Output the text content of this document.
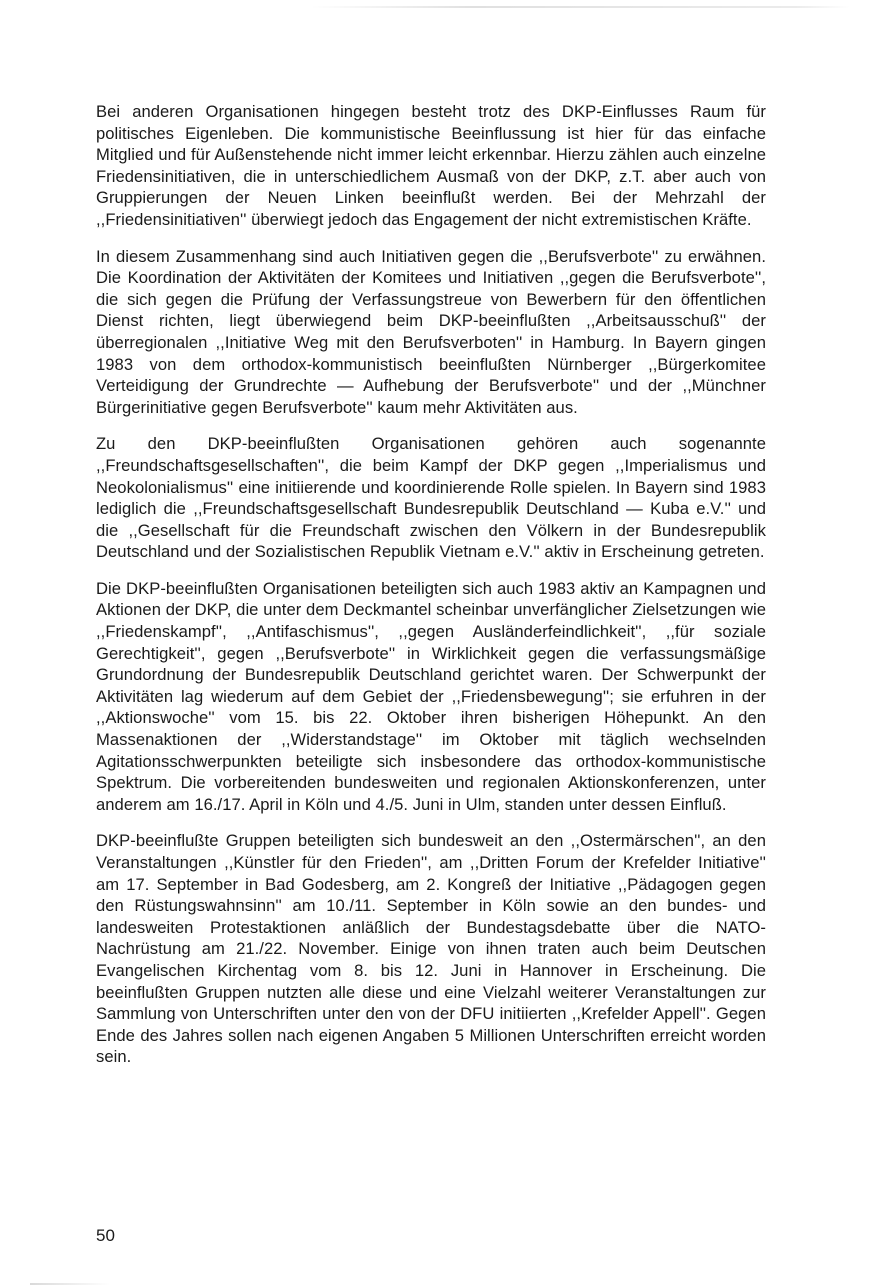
Bei anderen Organisationen hingegen besteht trotz des DKP-Einflusses Raum für politisches Eigenleben. Die kommunistische Beeinflussung ist hier für das einfache Mitglied und für Außenstehende nicht immer leicht erkennbar. Hierzu zählen auch einzelne Friedensinitiativen, die in unterschiedlichem Ausmaß von der DKP, z.T. aber auch von Gruppierungen der Neuen Linken beeinflußt werden. Bei der Mehrzahl der ,,Friedensinitiativen'' überwiegt jedoch das Engagement der nicht extremistischen Kräfte.

In diesem Zusammenhang sind auch Initiativen gegen die ,,Berufsverbote'' zu erwähnen. Die Koordination der Aktivitäten der Komitees und Initiativen ,,gegen die Berufsverbote'', die sich gegen die Prüfung der Verfassungstreue von Bewerbern für den öffentlichen Dienst richten, liegt überwiegend beim DKP-beeinflußten ,,Arbeitsausschuß'' der überregionalen ,,Initiative Weg mit den Berufsverboten'' in Hamburg. In Bayern gingen 1983 von dem orthodox-kommunistisch beeinflußten Nürnberger ,,Bürgerkomitee Verteidigung der Grundrechte — Aufhebung der Berufsverbote'' und der ,,Münchner Bürgerinitiative gegen Berufsverbote'' kaum mehr Aktivitäten aus.

Zu den DKP-beeinflußten Organisationen gehören auch sogenannte ,,Freundschaftsgesellschaften'', die beim Kampf der DKP gegen ,,Imperialismus und Neokolonialismus'' eine initiierende und koordinierende Rolle spielen. In Bayern sind 1983 lediglich die ,,Freundschaftsgesellschaft Bundesrepublik Deutschland — Kuba e.V.'' und die ,,Gesellschaft für die Freundschaft zwischen den Völkern in der Bundesrepublik Deutschland und der Sozialistischen Republik Vietnam e.V.'' aktiv in Erscheinung getreten.

Die DKP-beeinflußten Organisationen beteiligten sich auch 1983 aktiv an Kampagnen und Aktionen der DKP, die unter dem Deckmantel scheinbar unverfänglicher Zielsetzungen wie ,,Friedenskampf'', ,,Antifaschismus'', ,,gegen Ausländerfeindlichkeit'', ,,für soziale Gerechtigkeit'', gegen ,,Berufsverbote'' in Wirklichkeit gegen die verfassungsmäßige Grundordnung der Bundesrepublik Deutschland gerichtet waren. Der Schwerpunkt der Aktivitäten lag wiederum auf dem Gebiet der ,,Friedensbewegung''; sie erfuhren in der ,,Aktionswoche'' vom 15. bis 22. Oktober ihren bisherigen Höhepunkt. An den Massenaktionen der ,,Widerstandstage'' im Oktober mit täglich wechselnden Agitationsschwerpunkten beteiligte sich insbesondere das orthodox-kommunistische Spektrum. Die vorbereitenden bundesweiten und regionalen Aktionskonferenzen, unter anderem am 16./17. April in Köln und 4./5. Juni in Ulm, standen unter dessen Einfluß.

DKP-beeinflußte Gruppen beteiligten sich bundesweit an den ,,Ostermärschen'', an den Veranstaltungen ,,Künstler für den Frieden'', am ,,Dritten Forum der Krefelder Initiative'' am 17. September in Bad Godesberg, am 2. Kongreß der Initiative ,,Pädagogen gegen den Rüstungswahnsinn'' am 10./11. September in Köln sowie an den bundes- und landesweiten Protestaktionen anläßlich der Bundestagsdebatte über die NATO-Nachrüstung am 21./22. November. Einige von ihnen traten auch beim Deutschen Evangelischen Kirchentag vom 8. bis 12. Juni in Hannover in Erscheinung. Die beeinflußten Gruppen nutzten alle diese und eine Vielzahl weiterer Veranstaltungen zur Sammlung von Unterschriften unter den von der DFU initiierten ,,Krefelder Appell''. Gegen Ende des Jahres sollen nach eigenen Angaben 5 Millionen Unterschriften erreicht worden sein.

50
